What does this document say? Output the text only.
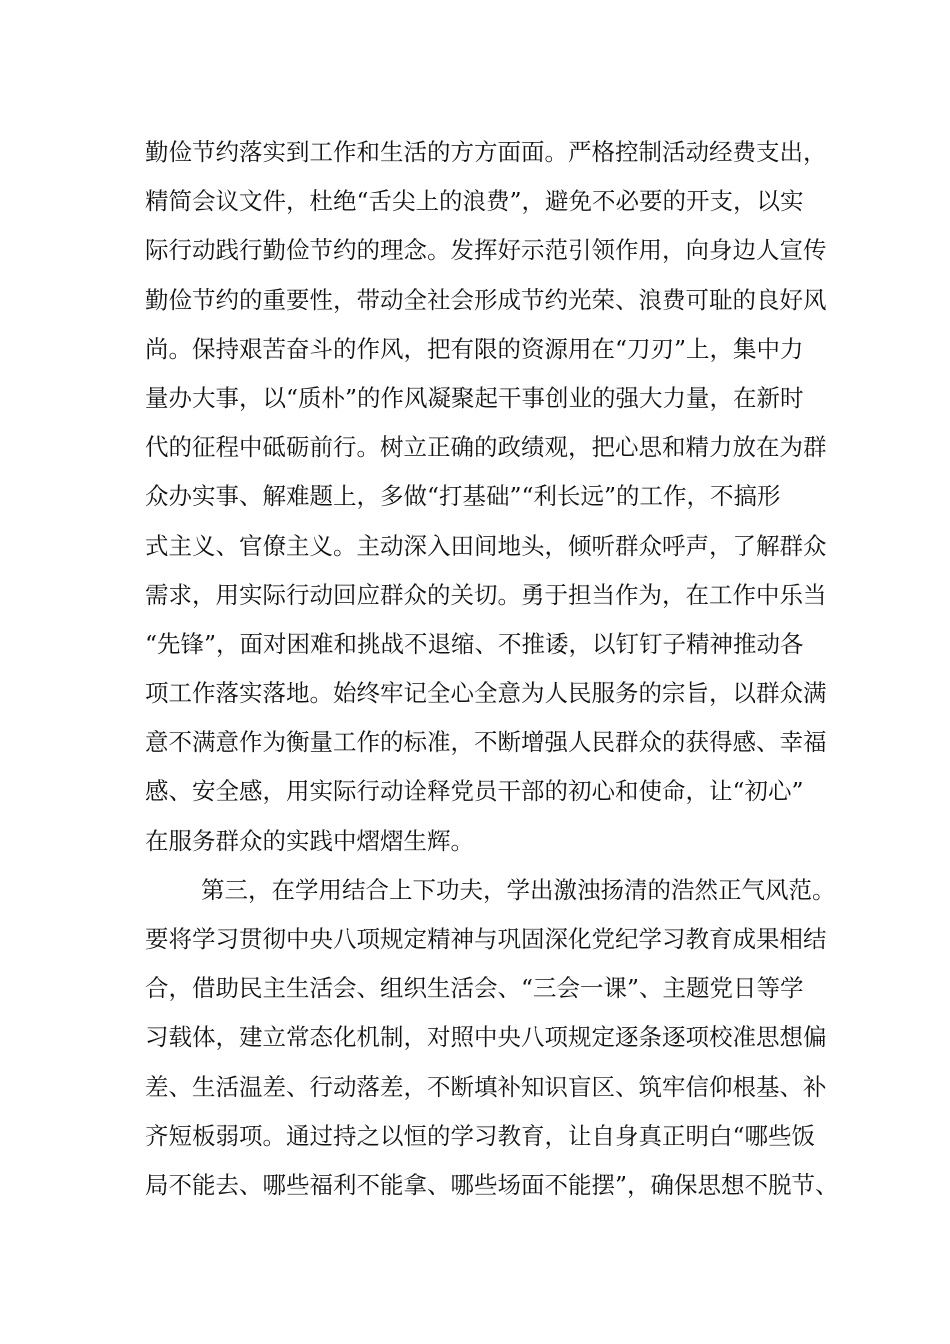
勤俭节约落实到工作和生活的方方面面。严格控制活动经费支出，
精简会议文件，杜绝“舌尖上的浪费”，避免不必要的开支，以实
际行动践行勤俭节约的理念。发挥好示范引领作用，向身边人宣传
勤俭节约的重要性，带动全社会形成节约光荣、浪费可耻的良好风
尚。保持艰苦奋斗的作风，把有限的资源用在“刀刃”上，集中力
量办大事，以“质朴”的作风凝聚起干事创业的强大力量，在新时
代的征程中砥砺前行。树立正确的政绩观，把心思和精力放在为群
众办实事、解难题上，多做“打基础”“利长远”的工作，不搞形
式主义、官僚主义。主动深入田间地头，倾听群众呼声，了解群众
需求，用实际行动回应群众的关切。勇于担当作为，在工作中乐当
“先锋”，面对困难和挑战不退缩、不推诿，以钉钉子精神推动各
项工作落实落地。始终牢记全心全意为人民服务的宗旨，以群众满
意不满意作为衡量工作的标准，不断增强人民群众的获得感、幸福
感、安全感，用实际行动诠释党员干部的初心和使命，让“初心”
在服务群众的实践中熠熠生辉。
第三，在学用结合上下功夫，学出激浊扬清的浩然正气风范。
要将学习贯彻中央八项规定精神与巩固深化党纪学习教育成果相结
合，借助民主生活会、组织生活会、“三会一课”、主题党日等学
习载体，建立常态化机制，对照中央八项规定逐条逐项校准思想偏
差、生活温差、行动落差，不断填补知识盲区、筑牢信仰根基、补
齐短板弱项。通过持之以恒的学习教育，让自身真正明白“哪些饭
局不能去、哪些福利不能拿、哪些场面不能摆”，确保思想不脱节、
